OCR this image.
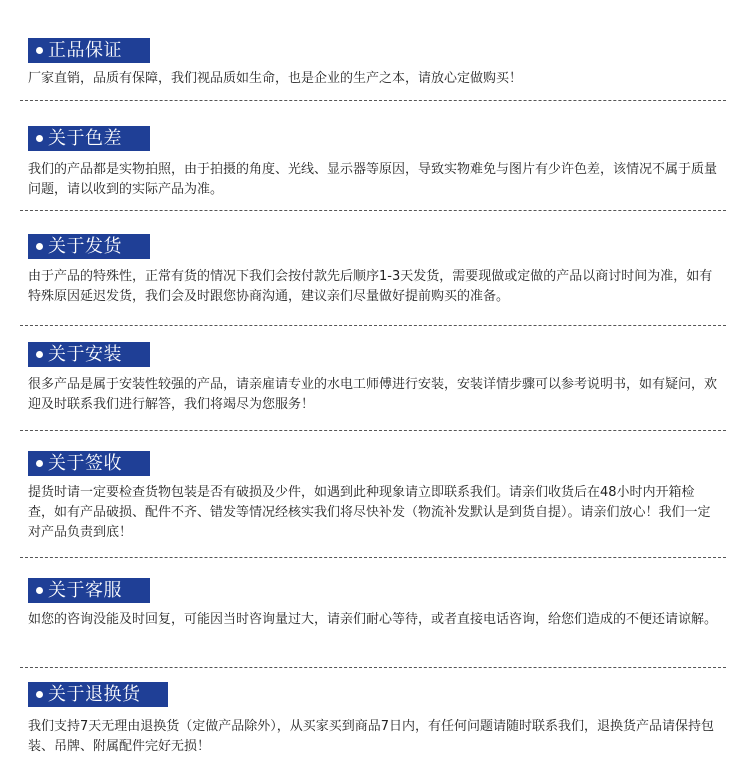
正品保证

厂家直销，品质有保障，我们视品质如生命，也是企业的生产之本，请放心定做购买！

关于色差

我们的产品都是实物拍照，由于拍摄的角度、光线、显示器等原因，导致实物难免与图片有少许色差，该情况不属于质量问题，请以收到的实际产品为准。

关于发货

由于产品的特殊性，正常有货的情况下我们会按付款先后顺序1-3天发货，需要现做或定做的产品以商讨时间为准，如有特殊原因延迟发货，我们会及时跟您协商沟通，建议亲们尽量做好提前购买的准备。

关于安装

很多产品是属于安装性较强的产品，请亲雇请专业的水电工师傅进行安装，安装详情步骤可以参考说明书，如有疑问，欢迎及时联系我们进行解答，我们将竭尽为您服务！

关于签收

提货时请一定要检查货物包装是否有破损及少件，如遇到此种现象请立即联系我们。请亲们收货后在48小时内开箱检查，如有产品破损、配件不齐、错发等情况经核实我们将尽快补发（物流补发默认是到货自提）。请亲们放心！我们一定对产品负责到底！

关于客服

如您的咨询没能及时回复，可能因当时咨询量过大，请亲们耐心等待，或者直接电话咨询，给您们造成的不便还请谅解。

关于退换货

我们支持7天无理由退换货（定做产品除外），从买家买到商品7日内，有任何问题请随时联系我们，退换货产品请保持包装、吊牌、附属配件完好无损！
